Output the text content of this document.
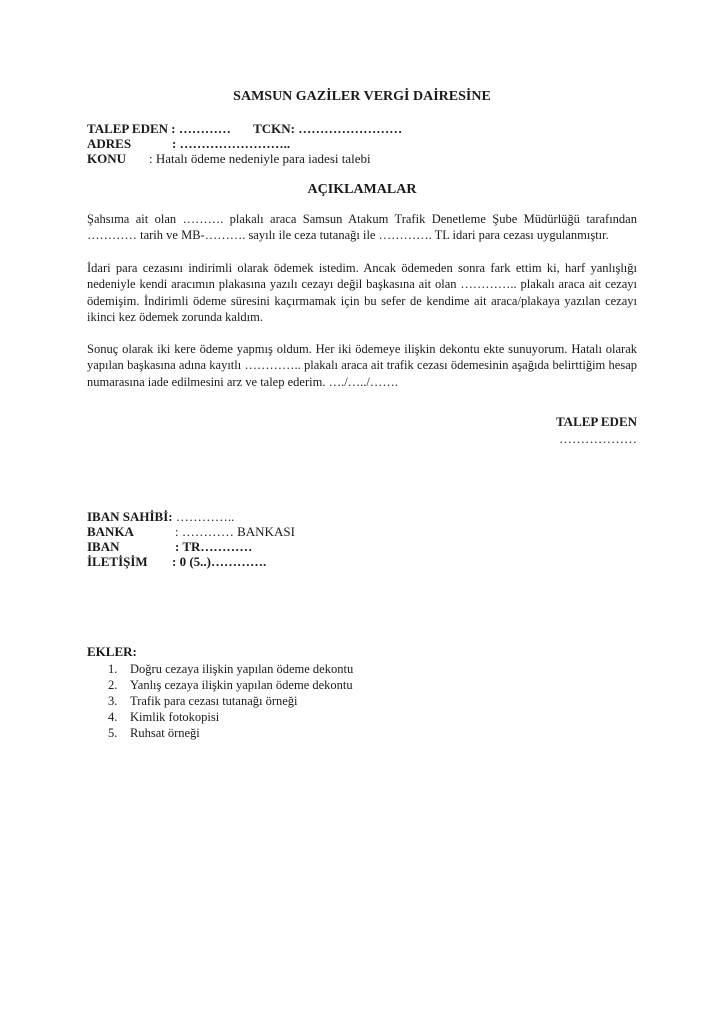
SAMSUN GAZİLER VERGİ DAİRESİNE
TALEP EDEN : ………… TCKN: ……………………
ADRES	: ……………………..
KONU : Hatalı ödeme nedeniyle para iadesi talebi
AÇIKLAMALAR
Şahsıma ait olan ………. plakalı araca Samsun Atakum Trafik Denetleme Şube Müdürlüğü tarafından ………… tarih ve MB-………. sayılı ile ceza tutanağı ile …………. TL idari para cezası uygulanmıştır.
İdari para cezasını indirimli olarak ödemek istedim. Ancak ödemeden sonra fark ettim ki, harf yanlışlığı nedeniyle kendi aracımın plakasına yazılı cezayı değil başkasına ait olan ………….. plakalı araca ait cezayı ödemişim. İndirimli ödeme süresini kaçırmamak için bu sefer de kendime ait araca/plakaya yazılan cezayı ikinci kez ödemek zorunda kaldım.
Sonuç olarak iki kere ödeme yapmış oldum. Her iki ödemeye ilişkin dekontu ekte sunuyorum. Hatalı olarak yapılan başkasına adına kayıtlı ………….. plakalı araca ait trafik cezası ödemesinin aşağıda belirttiğim hesap numarasına iade edilmesini arz ve talep ederim. …./…../…….
TALEP EDEN
………………
IBAN SAHİBİ: …………..
BANKA	: ………… BANKASI
IBAN	: TR…………
İLETİŞİM : 0 (5..)………….
EKLER:
1. Doğru cezaya ilişkin yapılan ödeme dekontu
2. Yanlış cezaya ilişkin yapılan ödeme dekontu
3. Trafik para cezası tutanağı örneği
4. Kimlik fotokopisi
5. Ruhsat örneği
